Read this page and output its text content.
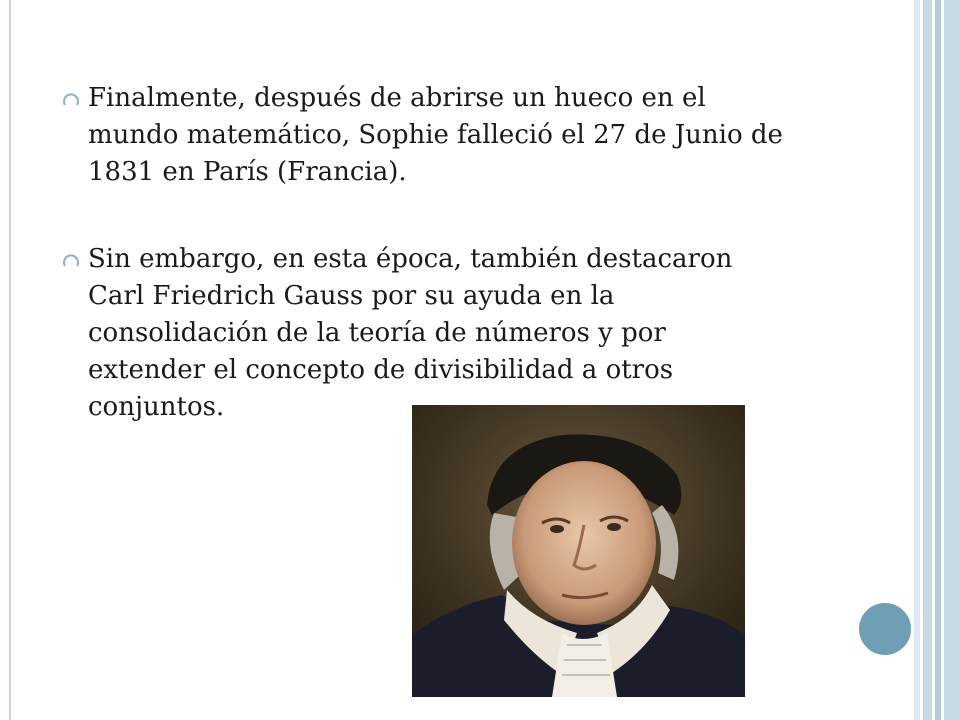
Finalmente, después de abrirse un hueco en el mundo matemático, Sophie falleció el 27 de Junio de 1831 en París (Francia).
Sin embargo, en esta época, también destacaron Carl Friedrich Gauss por su ayuda en la consolidación de la teoría de números y por extender el concepto de divisibilidad a otros conjuntos.
